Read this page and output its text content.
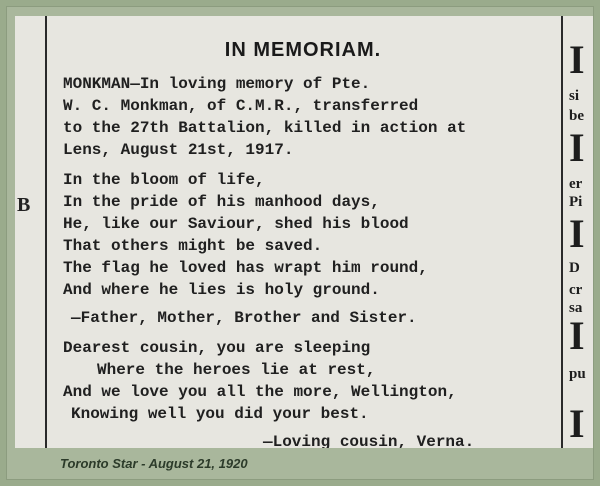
B
IN MEMORIAM.
MONKMAN—In loving memory of Pte.
W. C. Monkman, of C.M.R., transferred
to the 27th Battalion, killed in action at
Lens, August 21st, 1917.
In the bloom of life,
In the pride of his manhood days,
He, like our Saviour, shed his blood
That others might be saved.
The flag he loved has wrapt him round,
And where he lies is holy ground.
—Father, Mother, Brother and Sister.
Dearest cousin, you are sleeping
Where the heroes lie at rest,
And we love you all the more, Wellington,
Knowing well you did your best.
—Loving cousin, Verna.
I
si
be
I
er
Pi
I
D
cr
sa
I
pu
I
Toronto Star - August 21, 1920
